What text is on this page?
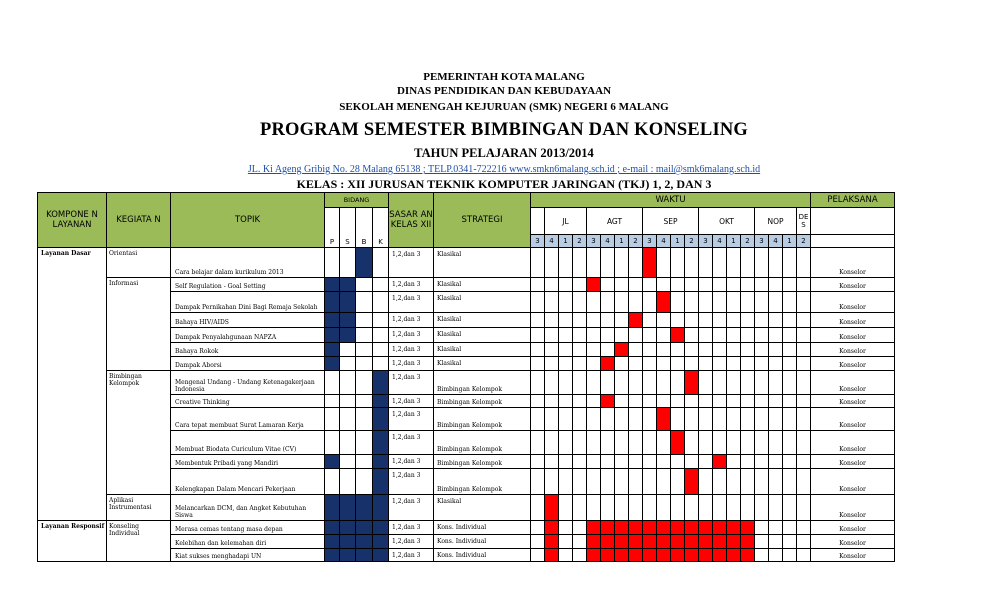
PEMERINTAH KOTA MALANG
DINAS PENDIDIKAN DAN KEBUDAYAAN
SEKOLAH MENENGAH KEJURUAN (SMK) NEGERI 6 MALANG
PROGRAM SEMESTER BIMBINGAN DAN KONSELING
TAHUN PELAJARAN 2013/2014
JL. Ki Ageng Gribig No. 28 Malang 65138 ; TELP.0341-722216 www.smkn6malang.sch.id ; e-mail : mail@smk6malang.sch.id
KELAS : XII JURUSAN TEKNIK KOMPUTER JARINGAN (TKJ) 1, 2, DAN 3
KOMPONE N LAYANAN	KEGIATA N	TOPIK	BIDANG				SASAR AN KELAS XII	STRATEGI	WAKTU																				PELAKSANA
			P	S	B	K				JL			AGT				SEP				OKT				NOP			DE S	
									3	4	1	2	3	4	1	2	3	4	1	2	3	4	1	2	3	4	1	2	
Layanan Dasar	Orientasi	Cara belajar dalam kurikulum 2013					1,2,dan 3	Klasikal																					Konselor
	Informasi	Self Regulation - Goal Setting					1,2,dan 3	Klasikal																					Konselor
		Dampak Pernikahan Dini Bagi Remaja Sekolah					1,2,dan 3	Klasikal																					Konselor
		Bahaya HIV/AIDS					1,2,dan 3	Klasikal																					Konselor
		Dampak Penyalahgunaan NAPZA					1,2,dan 3	Klasikal																					Konselor
		Bahaya Rokok					1,2,dan 3	Klasikal																					Konselor
		Dampak Aborsi					1,2,dan 3	Klasikal																					Konselor
	Bimbingan Kelompok	Mengenal Undang - Undang Ketenagakerjaan Indonesia					1,2,dan 3	Bimbingan Kelompok																					Konselor
		Creative Thinking					1,2,dan 3	Bimbingan Kelompok																					Konselor
		Cara tepat membuat Surat Lamaran Kerja					1,2,dan 3	Bimbingan Kelompok																					Konselor
		Membuat Biodata Curiculum Vitae (CV)					1,2,dan 3	Bimbingan Kelompok																					Konselor
		Membentuk Pribadi yang Mandiri					1,2,dan 3	Bimbingan Kelompok																					Konselor
		Kelengkapan Dalam Mencari Pekerjaan					1,2,dan 3	Bimbingan Kelompok																					Konselor
	Aplikasi Instrumentasi	Melancarkan DCM, dan Angket Kebutuhan Siswa					1,2,dan 3	Klasikal																					Konselor
Layanan Responsif	Konseling Individual	Merasa cemas tentang masa depan					1,2,dan 3	Kons. Individual																					Konselor
		Kelebihan dan kelemahan diri					1,2,dan 3	Kons. Individual																					Konselor
		Kiat sukses menghadapi UN					1,2,dan 3	Kons. Individual																					Konselor
